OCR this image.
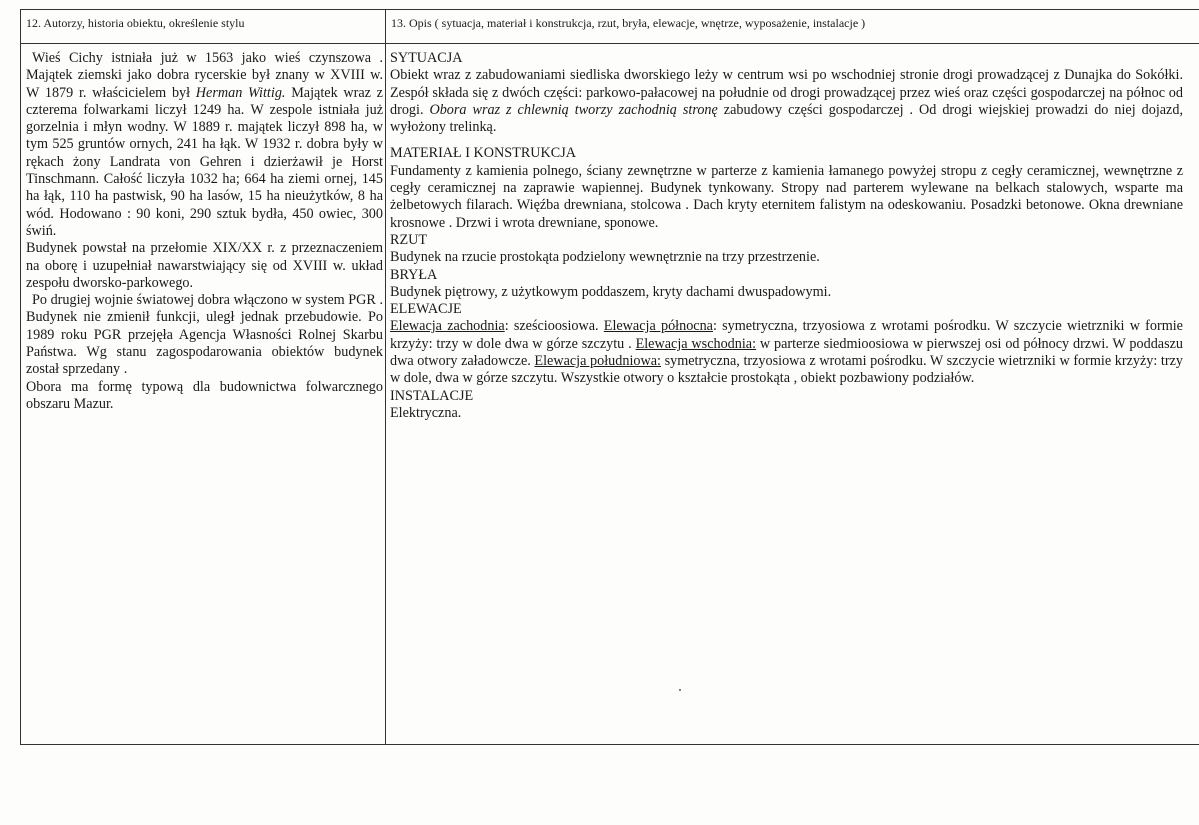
12. Autorzy, historia obiektu, określenie stylu	13. Opis ( sytuacja, materiał i konstrukcja, rzut, bryła, elewacje, wnętrze, wyposażenie, instalacje )

Wieś Cichy istniała już w 1563 jako wieś czynszowa . Majątek ziemski jako dobra rycerskie był znany w XVIII w. W 1879 r. właścicielem był Herman Wittig. Majątek wraz z czterema folwarkami liczył 1249 ha. W zespole istniała już gorzelnia i młyn wodny. W 1889 r. majątek liczył 898 ha, w tym 525 gruntów ornych, 241 ha łąk. W 1932 r. dobra były w rękach żony Landrata von Gehren i dzierżawił je Horst Tinschmann. Całość liczyła 1032 ha; 664 ha ziemi ornej, 145 ha łąk, 110 ha pastwisk, 90 ha lasów, 15 ha nieużytków, 8 ha wód. Hodowano : 90 koni, 290 sztuk bydła, 450 owiec, 300 świń.

Budynek powstał na przełomie XIX/XX r. z przeznaczeniem na oborę i uzupełniał nawarstwiający się od XVIII w. układ zespołu dworsko-parkowego.

Po drugiej wojnie światowej dobra włączono w system PGR . Budynek nie zmienił funkcji, uległ jednak przebudowie. Po 1989 roku PGR przejęła Agencja Własności Rolnej Skarbu Państwa. Wg stanu zagospodarowania obiektów budynek został sprzedany .

Obora ma formę typową dla budownictwa folwarcznego obszaru Mazur.

SYTUACJA

Obiekt wraz z zabudowaniami siedliska dworskiego leży w centrum wsi po wschodniej stronie drogi prowadzącej z Dunajka do Sokółki. Zespół składa się z dwóch części: parkowo-pałacowej na południe od drogi prowadzącej przez wieś oraz części gospodarczej na północ od drogi. Obora wraz z chlewnią tworzy zachodnią stronę zabudowy części gospodarczej . Od drogi wiejskiej prowadzi do niej dojazd, wyłożony trelinką.

MATERIAŁ I KONSTRUKCJA

Fundamenty z kamienia polnego, ściany zewnętrzne w parterze z kamienia łamanego powyżej stropu z cegły ceramicznej, wewnętrzne z cegły ceramicznej na zaprawie wapiennej. Budynek tynkowany. Stropy nad parterem wylewane na belkach stalowych, wsparte ma żelbetowych filarach. Więźba drewniana, stolcowa . Dach kryty eternitem falistym na odeskowaniu. Posadzki betonowe. Okna drewniane krosnowe . Drzwi i wrota drewniane, sponowe.

RZUT

Budynek na rzucie prostokąta podzielony wewnętrznie na trzy przestrzenie.

BRYŁA

Budynek piętrowy, z użytkowym poddaszem, kryty dachami dwuspadowymi.

ELEWACJE

Elewacja zachodnia: sześcioosiowa. Elewacja północna: symetryczna, trzyosiowa z wrotami pośrodku. W szczycie wietrzniki w formie krzyży: trzy w dole dwa w górze szczytu . Elewacja wschodnia: w parterze siedmioosiowa w pierwszej osi od północy drzwi. W poddaszu dwa otwory załadowcze. Elewacja południowa: symetryczna, trzyosiowa z wrotami pośrodku. W szczycie wietrzniki w formie krzyży: trzy w dole, dwa w górze szczytu. Wszystkie otwory o kształcie prostokąta , obiekt pozbawiony podziałów.

INSTALACJE

Elektryczna.
